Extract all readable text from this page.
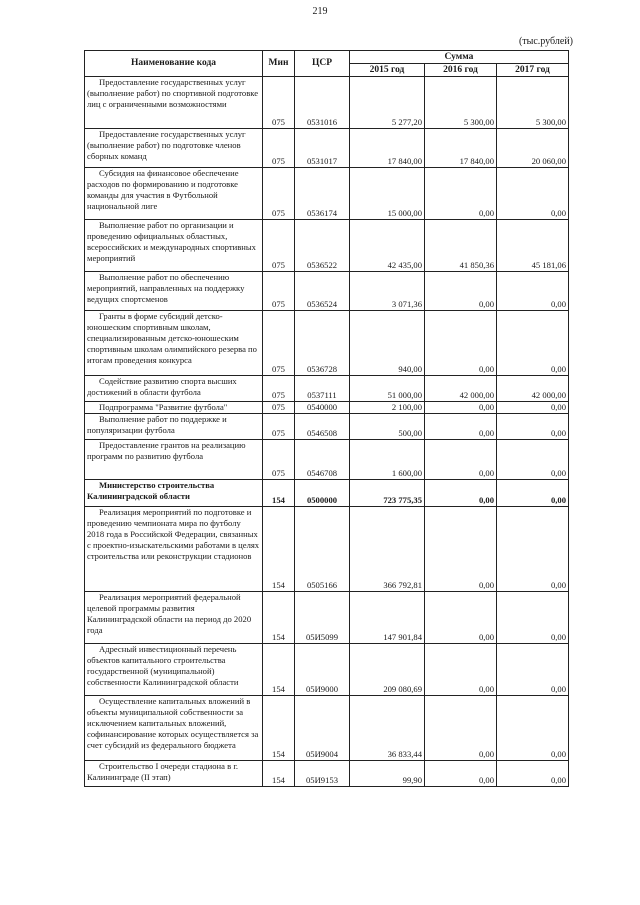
219
(тыс.рублей)
Наименование кода	Мин	ЦСР	Сумма		
			2015 год	2016 год	2017 год
Предоставление государственных услуг (выполнение работ) по спортивной подготовке лиц с ограниченными возможностями	075	0531016	5 277,20	5 300,00	5 300,00
Предоставление государственных услуг (выполнение работ) по подготовке членов сборных команд	075	0531017	17 840,00	17 840,00	20 060,00
Субсидия на финансовое обеспечение расходов по формированию и подготовке команды для участия в Футбольной национальной лиге	075	0536174	15 000,00	0,00	0,00
Выполнение работ по организации и проведению официальных областных, всероссийских и международных спортивных мероприятий	075	0536522	42 435,00	41 850,36	45 181,06
Выполнение работ по обеспечению мероприятий, направленных на поддержку ведущих спортсменов	075	0536524	3 071,36	0,00	0,00
Гранты в форме субсидий детско-юношеским спортивным школам, специализированным детско-юношеским спортивным школам олимпийского резерва по итогам проведения конкурса	075	0536728	940,00	0,00	0,00
Содействие развитию спорта высших достижений в области футбола	075	0537111	51 000,00	42 000,00	42 000,00
Подпрограмма "Развитие футбола"	075	0540000	2 100,00	0,00	0,00
Выполнение работ по поддержке и популяризации футбола	075	0546508	500,00	0,00	0,00
Предоставление грантов на реализацию программ по развитию футбола	075	0546708	1 600,00	0,00	0,00
Министерство строительства Калининградской области	154	0500000	723 775,35	0,00	0,00
Реализация мероприятий по подготовке и проведению чемпионата мира по футболу 2018 года в Российской Федерации, связанных с проектно-изыскательскими работами в целях строительства или реконструкции стадионов	154	0505166	366 792,81	0,00	0,00
Реализация мероприятий федеральной целевой программы развития Калининградской области на период до 2020 года	154	05И5099	147 901,84	0,00	0,00
Адресный инвестиционный перечень объектов капитального строительства государственной (муниципальной) собственности Калининградской области	154	05И9000	209 080,69	0,00	0,00
Осуществление капитальных вложений в объекты муниципальной собственности за исключением капитальных вложений, софинансирование которых осуществляется за счет субсидий из федерального бюджета	154	05И9004	36 833,44	0,00	0,00
Строительство I очереди стадиона в г. Калининграде (II этап)	154	05И9153	99,90	0,00	0,00
